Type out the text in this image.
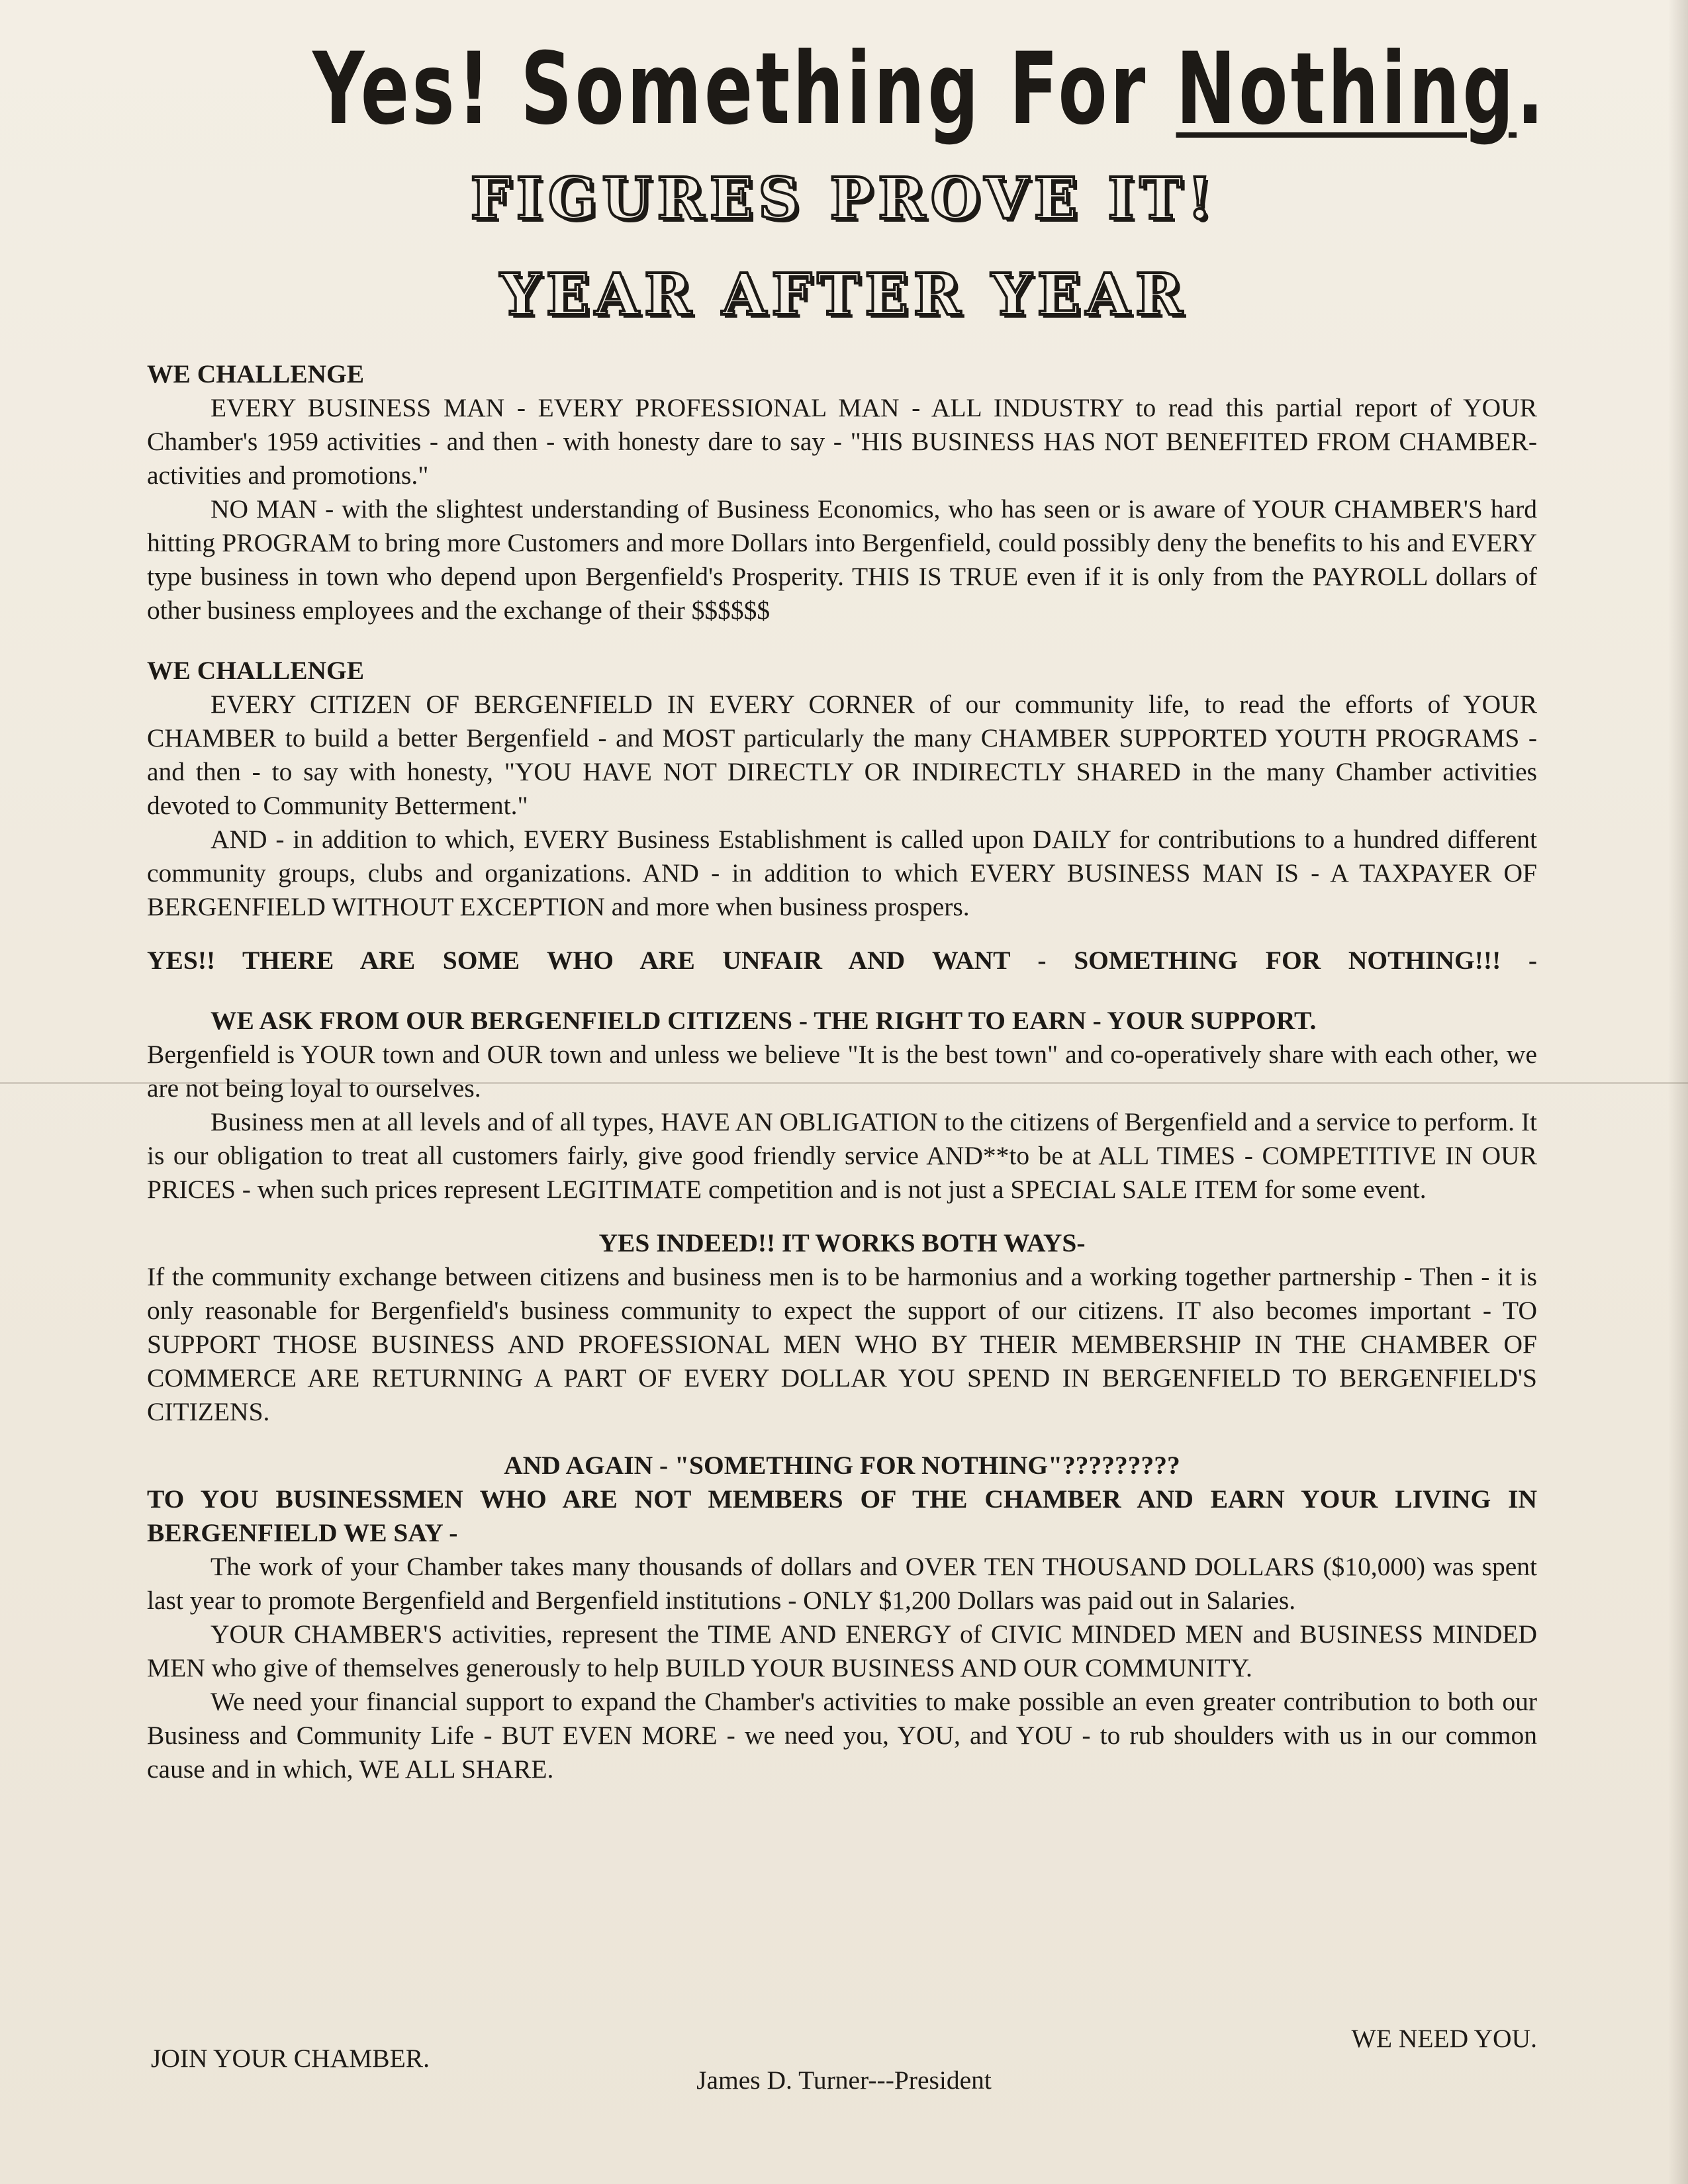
Yes! Something For Nothing.
FIGURES PROVE IT!
YEAR AFTER YEAR

WE CHALLENGE

EVERY BUSINESS MAN - EVERY PROFESSIONAL MAN - ALL INDUSTRY to read this partial report of YOUR Chamber's 1959 activities - and then - with honesty dare to say - "HIS BUSINESS HAS NOT BENEFITED FROM CHAMBER-activities and promotions."

NO MAN - with the slightest understanding of Business Economics, who has seen or is aware of YOUR CHAMBER'S hard hitting PROGRAM to bring more Customers and more Dollars into Bergenfield, could possibly deny the benefits to his and EVERY type business in town who depend upon Bergenfield's Prosperity. THIS IS TRUE even if it is only from the PAYROLL dollars of other business employees and the exchange of their $$$$$$

WE CHALLENGE

EVERY CITIZEN OF BERGENFIELD IN EVERY CORNER of our community life, to read the efforts of YOUR CHAMBER to build a better Bergenfield - and MOST particularly the many CHAMBER SUPPORTED YOUTH PROGRAMS - and then - to say with honesty, "YOU HAVE NOT DIRECTLY OR INDIRECTLY SHARED in the many Chamber activities devoted to Community Betterment."

AND - in addition to which, EVERY Business Establishment is called upon DAILY for contributions to a hundred different community groups, clubs and organizations. AND - in addition to which EVERY BUSINESS MAN IS - A TAXPAYER OF BERGENFIELD WITHOUT EXCEPTION and more when business prospers.

YES!! THERE ARE SOME WHO ARE UNFAIR AND WANT - SOMETHING FOR NOTHING!!! -

WE ASK FROM OUR BERGENFIELD CITIZENS - THE RIGHT TO EARN - YOUR SUPPORT.

Bergenfield is YOUR town and OUR town and unless we believe "It is the best town" and co-operatively share with each other, we are not being loyal to ourselves.

Business men at all levels and of all types, HAVE AN OBLIGATION to the citizens of Bergenfield and a service to perform. It is our obligation to treat all customers fairly, give good friendly service AND**to be at ALL TIMES - COMPETITIVE IN OUR PRICES - when such prices represent LEGITIMATE competition and is not just a SPECIAL SALE ITEM for some event.

YES INDEED!! IT WORKS BOTH WAYS-

If the community exchange between citizens and business men is to be harmonius and a working together partnership - Then - it is only reasonable for Bergenfield's business community to expect the support of our citizens. IT also becomes important - TO SUPPORT THOSE BUSINESS AND PROFESSIONAL MEN WHO BY THEIR MEMBERSHIP IN THE CHAMBER OF COMMERCE ARE RETURNING A PART OF EVERY DOLLAR YOU SPEND IN BERGENFIELD TO BERGENFIELD'S CITIZENS.

AND AGAIN - "SOMETHING FOR NOTHING"?????????

TO YOU BUSINESSMEN WHO ARE NOT MEMBERS OF THE CHAMBER AND EARN YOUR LIVING IN BERGENFIELD WE SAY -

The work of your Chamber takes many thousands of dollars and OVER TEN THOUSAND DOLLARS ($10,000) was spent last year to promote Bergenfield and Bergenfield institutions - ONLY $1,200 Dollars was paid out in Salaries.

YOUR CHAMBER'S activities, represent the TIME AND ENERGY of CIVIC MINDED MEN and BUSINESS MINDED MEN who give of themselves generously to help BUILD YOUR BUSINESS AND OUR COMMUNITY.

We need your financial support to expand the Chamber's activities to make possible an even greater contribution to both our Business and Community Life - BUT EVEN MORE - we need you, YOU, and YOU - to rub shoulders with us in our common cause and in which, WE ALL SHARE.

JOIN YOUR CHAMBER.
WE NEED YOU.
James D. Turner---President
